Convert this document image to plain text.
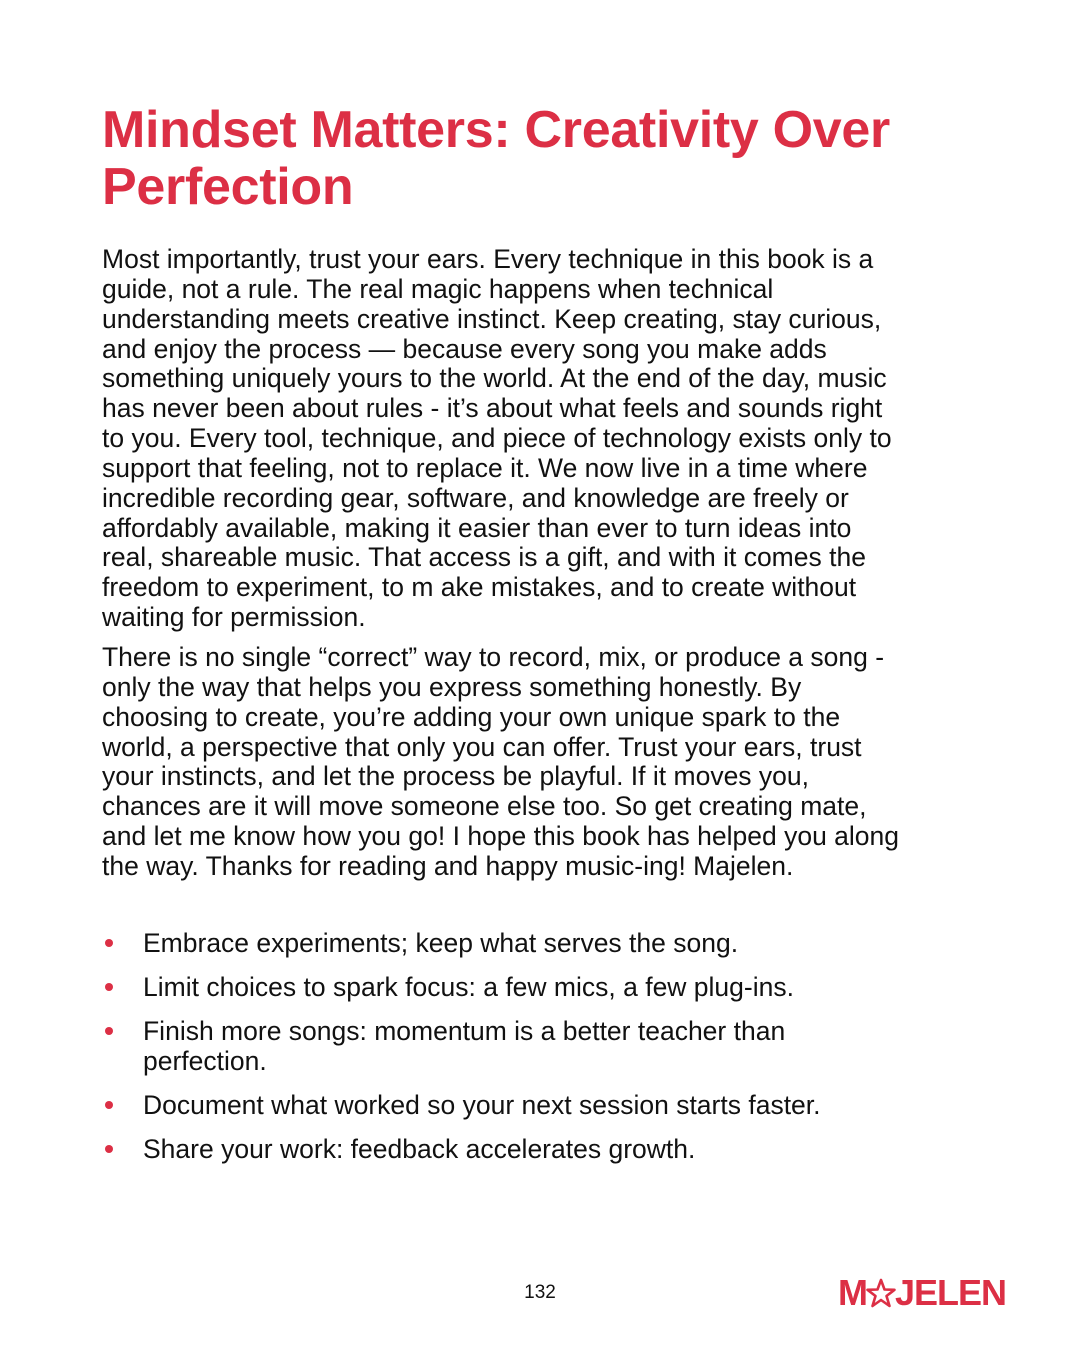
Mindset Matters: Creativity Over
Perfection

Most importantly, trust your ears. Every technique in this book is a
guide, not a rule. The real magic happens when technical
understanding meets creative instinct. Keep creating, stay curious,
and enjoy the process — because every song you make adds
something uniquely yours to the world. At the end of the day, music
has never been about rules - it’s about what feels and sounds right
to you. Every tool, technique, and piece of technology exists only to
support that feeling, not to replace it. We now live in a time where
incredible recording gear, software, and knowledge are freely or
affordably available, making it easier than ever to turn ideas into
real, shareable music. That access is a gift, and with it comes the
freedom to experiment, to m ake mistakes, and to create without
waiting for permission.

There is no single “correct” way to record, mix, or produce a song -
only the way that helps you express something honestly. By
choosing to create, you’re adding your own unique spark to the
world, a perspective that only you can offer. Trust your ears, trust
your instincts, and let the process be playful. If it moves you,
chances are it will move someone else too. So get creating mate,
and let me know how you go! I hope this book has helped you along
the way. Thanks for reading and happy music-ing! Majelen.

Embrace experiments; keep what serves the song.
Limit choices to spark focus: a few mics, a few plug-ins.
Finish more songs: momentum is a better teacher than
perfection.
Document what worked so your next session starts faster.
Share your work: feedback accelerates growth.
132	M JELEN
